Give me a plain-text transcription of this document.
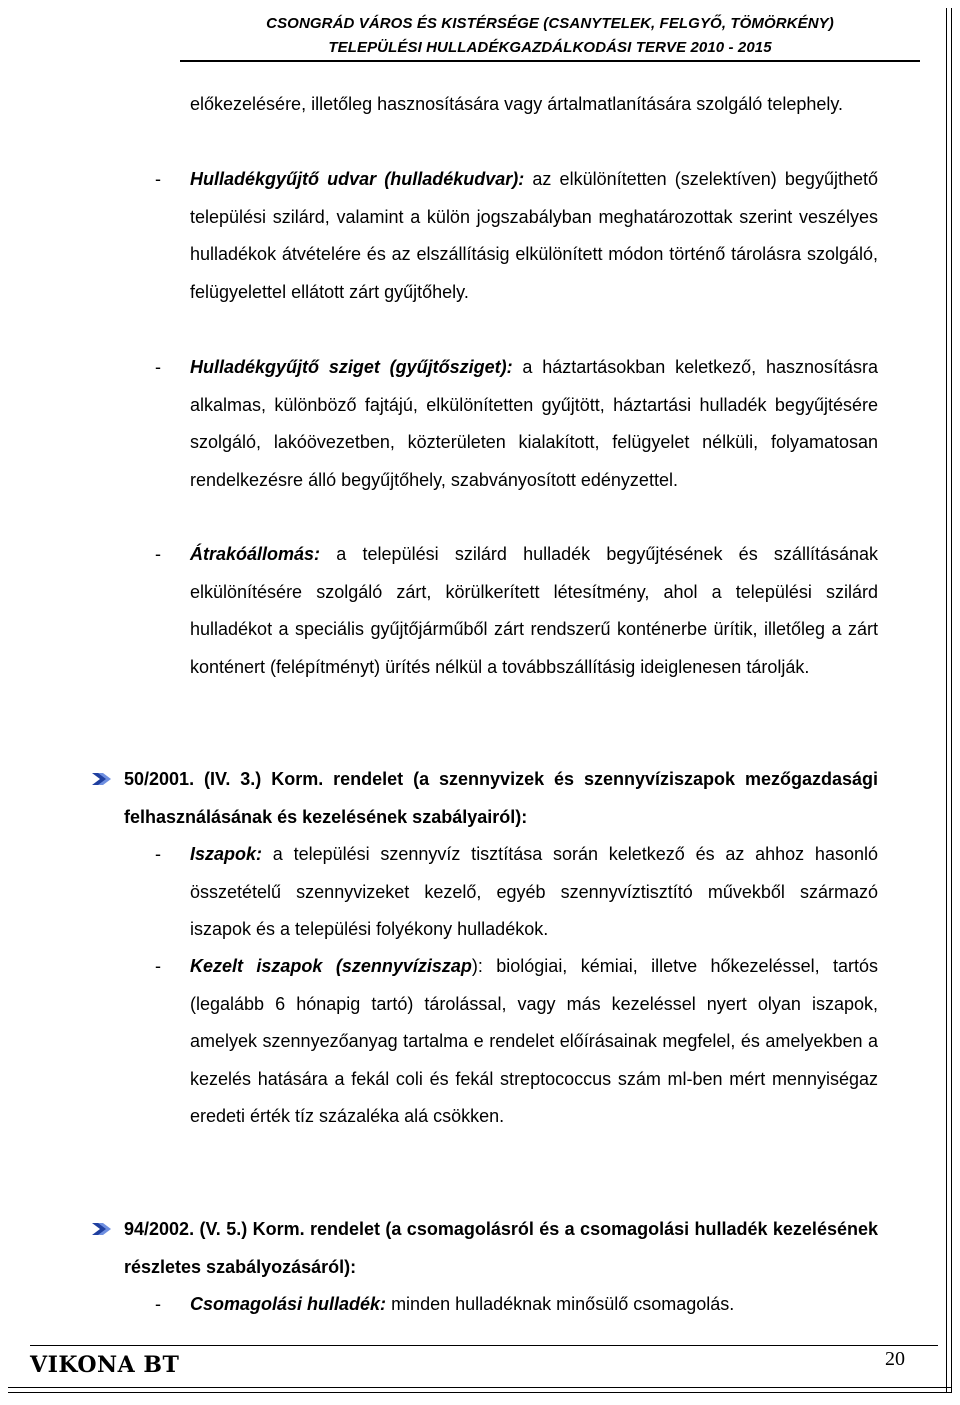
CSONGRÁD VÁROS ÉS KISTÉRSÉGE (CSANYTELEK, FELGYŐ, TÖMÖRKÉNY)
TELEPÜLÉSI HULLADÉKGAZDÁLKODÁSI TERVE 2010 - 2015
előkezelésére, illetőleg hasznosítására vagy ártalmatlanítására szolgáló telephely.
- Hulladékgyűjtő udvar (hulladékudvar): az elkülönítetten (szelektíven) begyűjthető települési szilárd, valamint a külön jogszabályban meghatározottak szerint veszélyes hulladékok átvételére és az elszállításig elkülönített módon történő tárolásra szolgáló, felügyelettel ellátott zárt gyűjtőhely.
- Hulladékgyűjtő sziget (gyűjtősziget): a háztartásokban keletkező, hasznosításra alkalmas, különböző fajtájú, elkülönítetten gyűjtött, háztartási hulladék begyűjtésére szolgáló, lakóövezetben, közterületen kialakított, felügyelet nélküli, folyamatosan rendelkezésre álló begyűjtőhely, szabványosított edényzettel.
- Átrakóállomás: a települési szilárd hulladék begyűjtésének és szállításának elkülönítésére szolgáló zárt, körülkerített létesítmény, ahol a települési szilárd hulladékot a speciális gyűjtőjárműből zárt rendszerű konténerbe ürítik, illetőleg a zárt konténert (felépítményt) ürítés nélkül a továbbszállításig ideiglenesen tárolják.
50/2001. (IV. 3.) Korm. rendelet (a szennyvizek és szennyvíziszapok mezőgazdasági felhasználásának és kezelésének szabályairól):
- Iszapok: a települési szennyvíz tisztítása során keletkező és az ahhoz hasonló összetételű szennyvizeket kezelő, egyéb szennyvíztisztító művekből származó iszapok és a települési folyékony hulladékok.
- Kezelt iszapok (szennyvíziszap): biológiai, kémiai, illetve hőkezeléssel, tartós (legalább 6 hónapig tartó) tárolással, vagy más kezeléssel nyert olyan iszapok, amelyek szennyezőanyag tartalma e rendelet előírásainak megfelel, és amelyekben a kezelés hatására a fekál coli és fekál streptococcus szám ml-ben mért mennyiségaz eredeti érték tíz százaléka alá csökken.
94/2002. (V. 5.) Korm. rendelet (a csomagolásról és a csomagolási hulladék kezelésének részletes szabályozásáról):
- Csomagolási hulladék: minden hulladéknak minősülő csomagolás.
VIKONA BT	20
